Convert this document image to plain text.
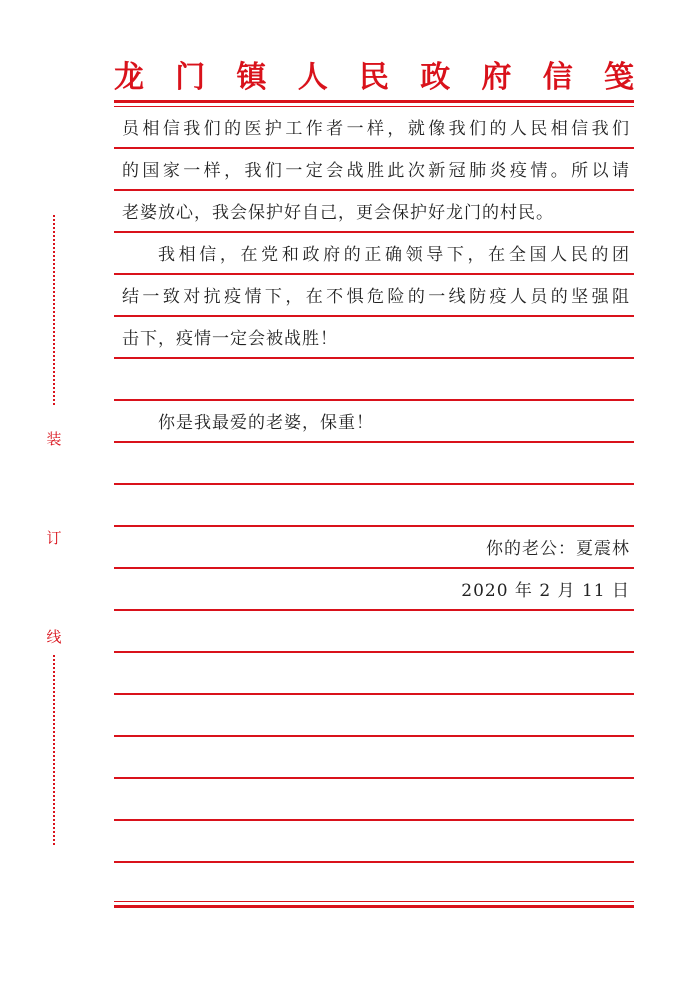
龙 门 镇 人 民 政 府 信 笺
员相信我们的医护工作者一样，就像我们的人民相信我们
的国家一样，我们一定会战胜此次新冠肺炎疫情。所以请
老婆放心，我会保护好自己，更会保护好龙门的村民。
我相信，在党和政府的正确领导下，在全国人民的团
结一致对抗疫情下，在不惧危险的一线防疫人员的坚强阻
击下，疫情一定会被战胜！
你是我最爱的老婆，保重！
你的老公：夏震林
2020 年 2 月 11 日
装
订
线
